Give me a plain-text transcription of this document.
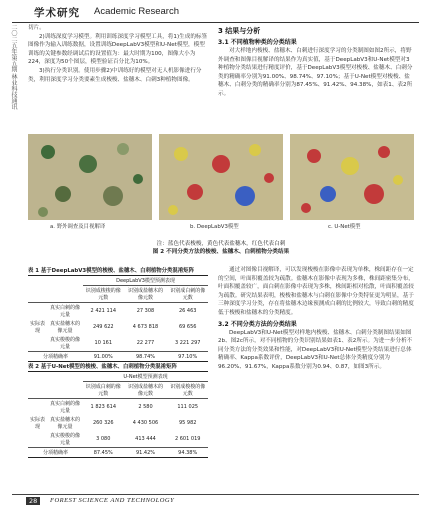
学术研究 Academic Research
二〇二五年第五期 林业科技通讯 切片。

2)训练深度学习模型。利用训练深度学习模型工具，将1)生成的标签图像作为输入训练数据，设置训练DeepLabV3模型和U-Net模型，模型训练的关键参数经调试后的设置值为：最大时期为100，图像大小为224，深度为50个图层，模型验证百分比为10%。

3)执行分类识别。使用步骤2)中训练好的模型对无人机影像进行分类，利用深度学习分类要素生成梭梭、盐穗木、白刺3种植物图像。

3 结果与分析
3.1 不同植物种类的分类结果

对大样地内梭梭、盐穗木、白刺进行深度学习的分类制图如图2所示，将野外调查和图像目视解译的结果作为真实值，基于DeepLabV3和U-Net模型对3种植物分类结果进行精度评价，基于DeepLabV3模型对梭梭、盐穗木、白刺分类的精确率分别为91.00%、98.74%、97.10%；基于U-Net模型对梭梭、盐穗木、白刺分类的精确率分别为87.45%、91.42%、94.38%，如表1、表2所示。

a. 野外调查及目视解译	b. DeepLabV3模型	c. U-Net模型
注：蓝色代表梭梭，黄色代表盐穗木，红色代表白刺
图 2 不同分类方法的梭梭、盐穗木、白刺植物分类结果
表 1 基于DeepLabV3模型的梭梭、盐穗木、白刺植物分类混淆矩阵
		DeepLabV3模型预测表现		
		识别成梭梭的像元数	识别成盐穗木的像元数	识别成白刺的像元数
实际表现	真实白刺的像元量	2 421 114	27 308	26 463
	真实盐穗木的像元量	249 622	4 673 818	69 656
	真实梭梭的像元量	10 161	22 277	3 221 297
分项精确率		91.00%	98.74%	97.10%
表 2 基于U-Net模型的梭梭、盐穗木、白刺植物分类混淆矩阵
		U-Net模型预测表现		
		识别成白刺的像元数	识别成盐穗木的像元数	识别成梭梭的像元数
实际表现	真实白刺的像元量	1 823 614	2 580	111 025
	真实盐穗木的像元量	260 326	4 430 506	95 982
	真实梭梭的像元量	3 080	413 444	2 601 019
分项精确率		87.45%	91.42%	94.38%

通过对图像目视解译，可以发现梭梭在影像中表现为单株，株间距存在一定的空间，叶面积覆盖较为疏散。盐穗木在影像中表现为多株，株间距密集分布，叶面积覆盖较广，面白刺在影像中表现为多株，株间距相对松散，叶面积覆盖较为疏散。研究结果表明，梭梭和盐穗木与白刺在影像中分类特征更为明显，基于三种深度学习分类，存在将盐穗木边缘预测成白刺的比例较大，导致白刺的精度低于梭梭和盐穗木的分类精度。

3.2 不同分类方法的分类结果

DeepLabV3和U-Net模型对样地内梭梭、盐穗木、白刺分类制图结果如图2b、图2c所示，对不同植物的分类识别结果如表1、表2所示。为进一步分析不同分类方法的分类效果和性能，对DeepLabV3和U-Net模型分类结果进行总体精确率、Kappa系数评价，DeepLabV3和U-Net总体分类精度分别为96.20%、91.67%，Kappa系数分别为0.94、0.87，如图3所示。

28	FOREST SCIENCE AND TECHNOLOGY
